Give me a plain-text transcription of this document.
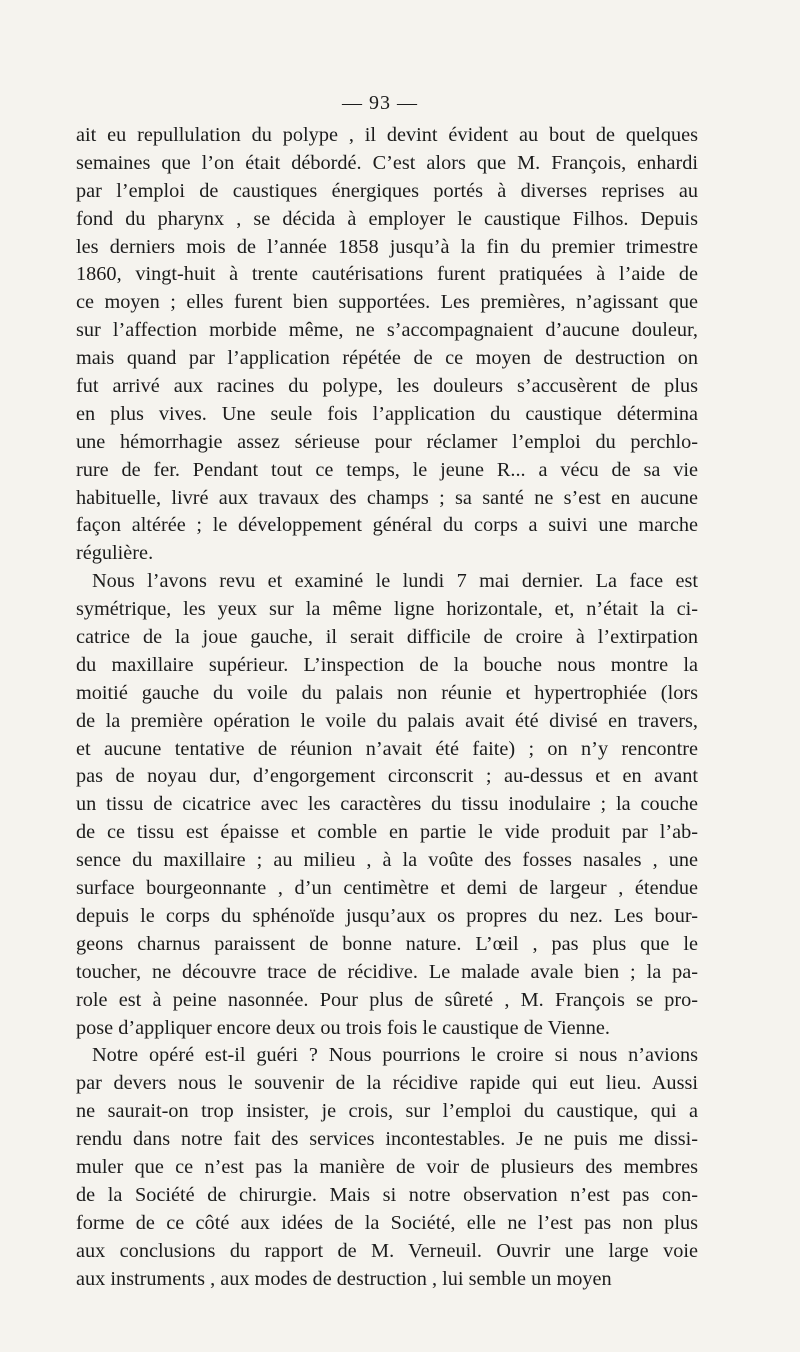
— 93 —
ait eu repullulation du polype , il devint évident au bout de quelques
semaines que l’on était débordé. C’est alors que M. François, enhardi
par l’emploi de caustiques énergiques portés à diverses reprises au
fond du pharynx , se décida à employer le caustique Filhos. Depuis
les derniers mois de l’année 1858 jusqu’à la fin du premier trimestre
1860, vingt-huit à trente cautérisations furent pratiquées à l’aide de
ce moyen ; elles furent bien supportées. Les premières, n’agissant que
sur l’affection morbide même, ne s’accompagnaient d’aucune douleur,
mais quand par l’application répétée de ce moyen de destruction on
fut arrivé aux racines du polype, les douleurs s’accusèrent de plus
en plus vives. Une seule fois l’application du caustique détermina
une hémorrhagie assez sérieuse pour réclamer l’emploi du perchlo-
rure de fer. Pendant tout ce temps, le jeune R... a vécu de sa vie
habituelle, livré aux travaux des champs ; sa santé ne s’est en aucune
façon altérée ; le développement général du corps a suivi une marche
régulière.
Nous l’avons revu et examiné le lundi 7 mai dernier. La face est
symétrique, les yeux sur la même ligne horizontale, et, n’était la ci-
catrice de la joue gauche, il serait difficile de croire à l’extirpation
du maxillaire supérieur. L’inspection de la bouche nous montre la
moitié gauche du voile du palais non réunie et hypertrophiée (lors
de la première opération le voile du palais avait été divisé en travers,
et aucune tentative de réunion n’avait été faite) ; on n’y rencontre
pas de noyau dur, d’engorgement circonscrit ; au-dessus et en avant
un tissu de cicatrice avec les caractères du tissu inodulaire ; la couche
de ce tissu est épaisse et comble en partie le vide produit par l’ab-
sence du maxillaire ; au milieu , à la voûte des fosses nasales , une
surface bourgeonnante , d’un centimètre et demi de largeur , étendue
depuis le corps du sphénoïde jusqu’aux os propres du nez. Les bour-
geons charnus paraissent de bonne nature. L’œil , pas plus que le
toucher, ne découvre trace de récidive. Le malade avale bien ; la pa-
role est à peine nasonnée. Pour plus de sûreté , M. François se pro-
pose d’appliquer encore deux ou trois fois le caustique de Vienne.
Notre opéré est-il guéri ? Nous pourrions le croire si nous n’avions
par devers nous le souvenir de la récidive rapide qui eut lieu. Aussi
ne saurait-on trop insister, je crois, sur l’emploi du caustique, qui a
rendu dans notre fait des services incontestables. Je ne puis me dissi-
muler que ce n’est pas la manière de voir de plusieurs des membres
de la Société de chirurgie. Mais si notre observation n’est pas con-
forme de ce côté aux idées de la Société, elle ne l’est pas non plus
aux conclusions du rapport de M. Verneuil. Ouvrir une large voie
aux instruments , aux modes de destruction , lui semble un moyen
